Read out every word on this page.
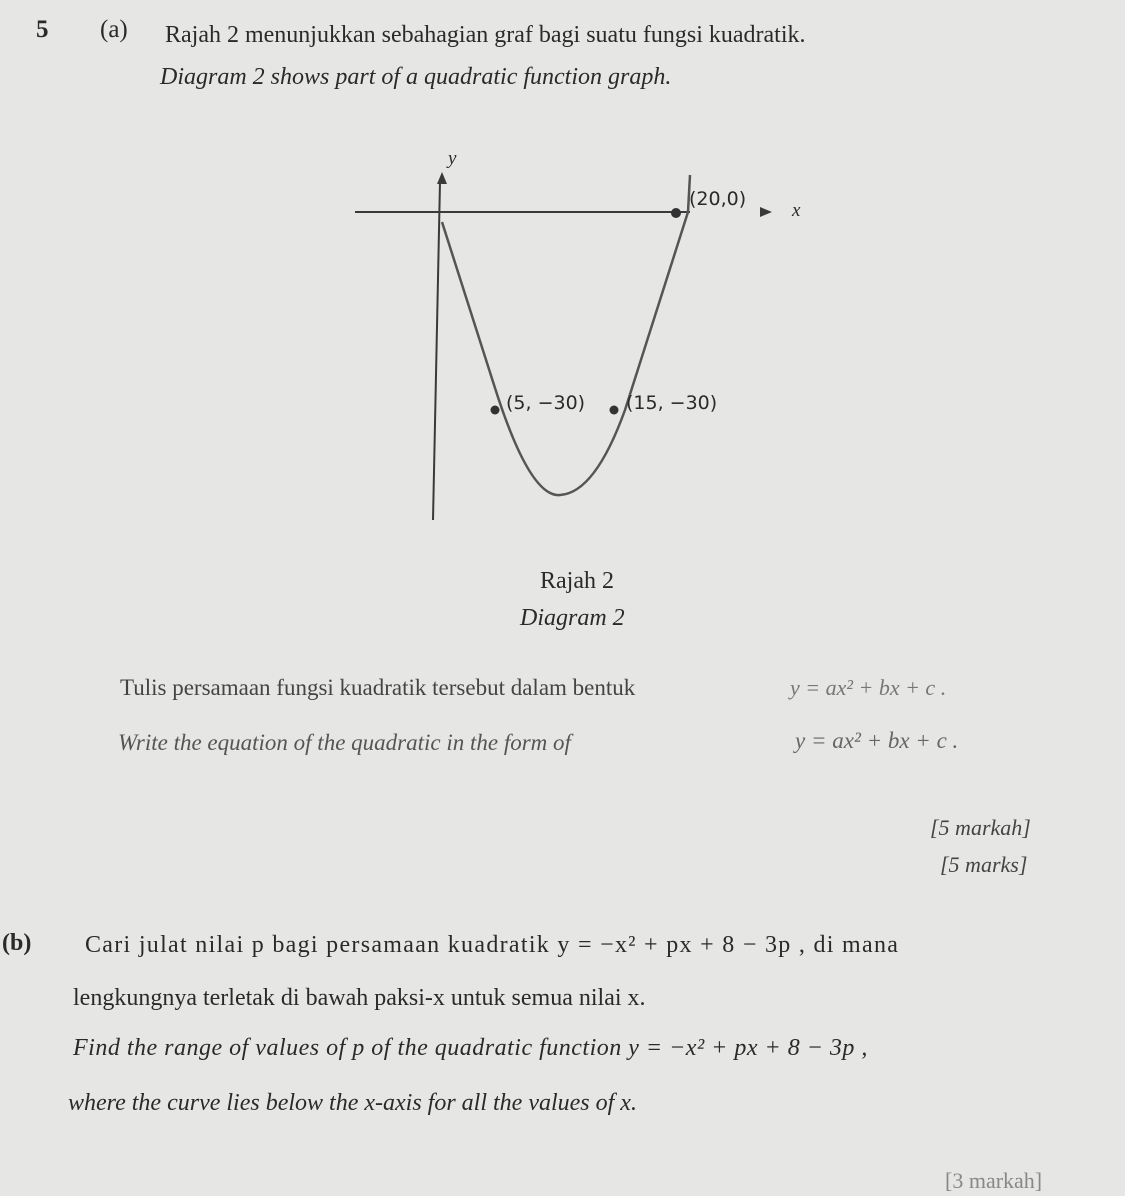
5 (a) Rajah 2 menunjukkan sebahagian graf bagi suatu fungsi kuadratik.
Diagram 2 shows part of a quadratic function graph.
y
x
(20,0)
(5, −30) (15, −30)
Rajah 2
Diagram 2
Tulis persamaan fungsi kuadratik tersebut dalam bentuk	y = ax² + bx + c .
Write the equation of the quadratic in the form of	y = ax² + bx + c .
[5 markah]
[5 marks]
(b) Cari julat nilai p bagi persamaan kuadratik y = −x² + px + 8 − 3p , di mana
lengkungnya terletak di bawah paksi-x untuk semua nilai x.
Find the range of values of p of the quadratic function y = −x² + px + 8 − 3p ,
where the curve lies below the x-axis for all the values of x.
[3 markah]
